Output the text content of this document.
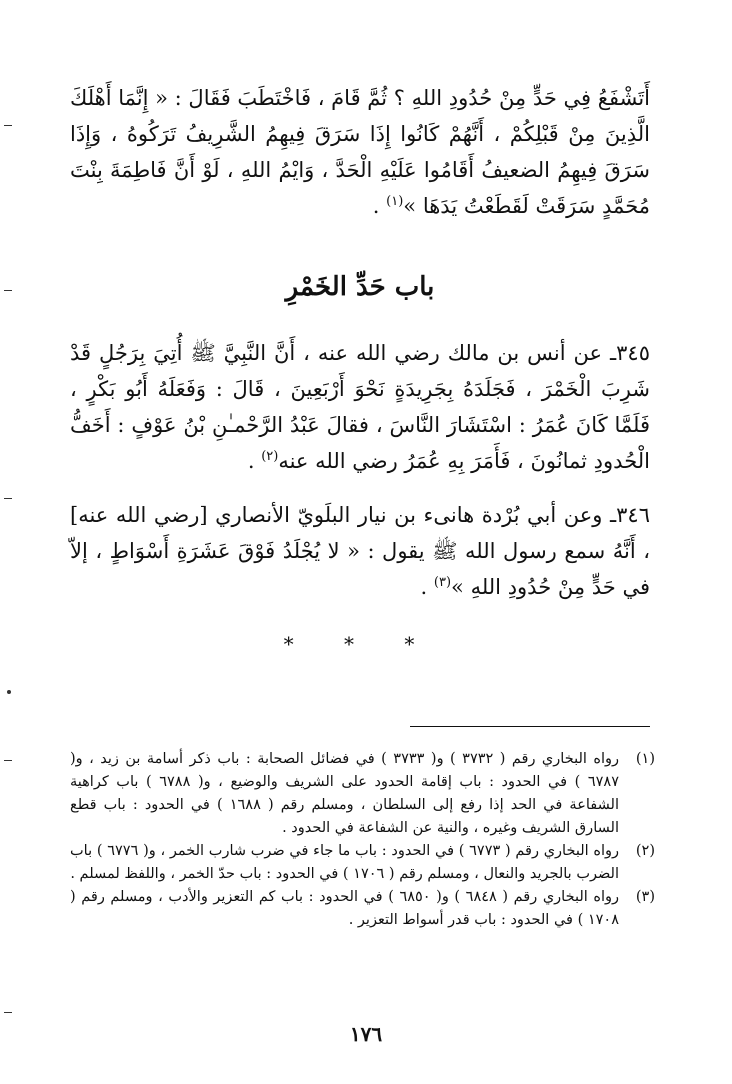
أَتَشْفَعُ فِي حَدٍّ مِنْ حُدُودِ اللهِ ؟ ثُمَّ قَامَ ، فَاخْتَطَبَ فَقَالَ : « إِنَّمَا أَهْلَكَ الَّذِينَ مِنْ قَبْلِكُمْ ، أَنَّهُمْ كَانُوا إِذَا سَرَقَ فِيهِمُ الشَّرِيفُ تَرَكُوهُ ، وَإِذَا سَرَقَ فِيهِمُ الضعيفُ أَقَامُوا عَلَيْهِ الْحَدَّ ، وَايْمُ اللهِ ، لَوْ أَنَّ فَاطِمَةَ بِنْتَ مُحَمَّدٍ سَرَقَتْ لَقَطَعْتُ يَدَهَا »$^{(١)}$ .

باب حَدِّ الخَمْرِ

٣٤٥ـ عن أنس بن مالك رضي الله عنه ، أَنَّ النَّبِيَّ ﷺ أُتِيَ بِرَجُلٍ قَدْ شَرِبَ الْخَمْرَ ، فَجَلَدَهُ بِجَرِيدَةٍ نَحْوَ أَرْبَعِينَ ، قَالَ : وَفَعَلَهُ أَبُو بَكْرٍ ، فَلَمَّا كَانَ عُمَرُ : اسْتَشَارَ النَّاسَ ، فقالَ عَبْدُ الرَّحْمـٰنِ بْنُ عَوْفٍ : أَخَفُّ الْحُدودِ ثمانُونَ ، فَأَمَرَ بِهِ عُمَرُ رضي الله عنه$^{(٢)}$ .

٣٤٦ـ وعن أبي بُرْدة هانىء بن نيار البلَويّ الأنصاري [رضي الله عنه] ، أَنَّهُ سمع رسول الله ﷺ يقول : « لا يُجْلَدُ فَوْقَ عَشَرَةِ أَسْوَاطٍ ، إلاّ في حَدٍّ مِنْ حُدُودِ اللهِ »$^{(٣)}$ .

* * *
(١)
رواه البخاري رقم ( ٣٧٣٢ ) و( ٣٧٣٣ ) في فضائل الصحابة : باب ذكر أسامة بن زيد ، و( ٦٧٨٧ ) في الحدود : باب إقامة الحدود على الشريف والوضيع ، و( ٦٧٨٨ ) باب كراهية الشفاعة في الحد إذا رفع إلى السلطان ، ومسلم رقم ( ١٦٨٨ ) في الحدود : باب قطع السارق الشريف وغيره ، والنية عن الشفاعة في الحدود .
(٢)
رواه البخاري رقم ( ٦٧٧٣ ) في الحدود : باب ما جاء في ضرب شارب الخمر ، و( ٦٧٧٦ ) باب الضرب بالجريد والنعال ، ومسلم رقم ( ١٧٠٦ ) في الحدود : باب حدّ الخمر ، واللفظ لمسلم .
(٣)
رواه البخاري رقم ( ٦٨٤٨ ) و( ٦٨٥٠ ) في الحدود : باب كم التعزير والأدب ، ومسلم رقم ( ١٧٠٨ ) في الحدود : باب قدر أسواط التعزير .
١٧٦
